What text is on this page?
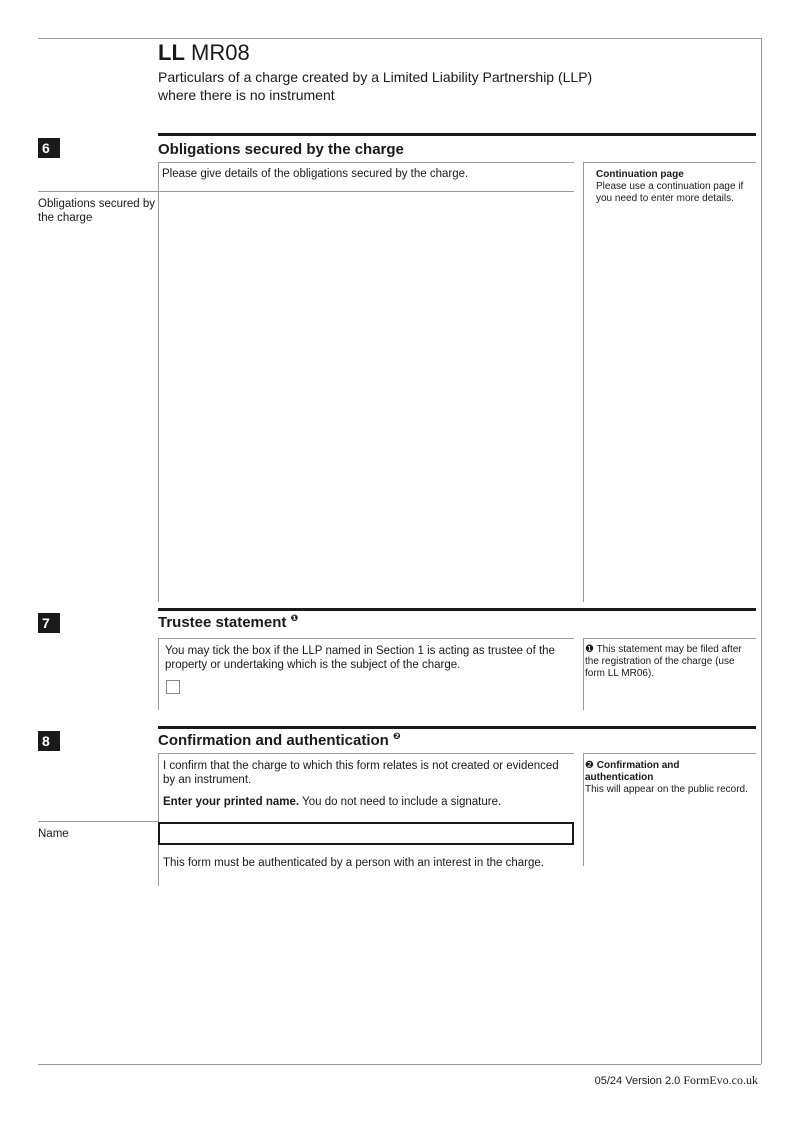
LL MR08
Particulars of a charge created by a Limited Liability Partnership (LLP)
where there is no instrument
6	Obligations secured by the charge
Please give details of the obligations secured by the charge.
Obligations secured by the charge
Continuation page
Please use a continuation page if you need to enter more details.
7	Trustee statement $^❶$
You may tick the box if the LLP named in Section 1 is acting as trustee of the property or undertaking which is the subject of the charge.
❶ This statement may be filed after the registration of the charge (use form LL MR06).
8	Confirmation and authentication $^❷$
I confirm that the charge to which this form relates is not created or evidenced by an instrument.
Enter your printed name. You do not need to include a signature.
Name
This form must be authenticated by a person with an interest in the charge.
❷ Confirmation and authentication
This will appear on the public record.
05/24 Version 2.0 FormEvo.co.uk
